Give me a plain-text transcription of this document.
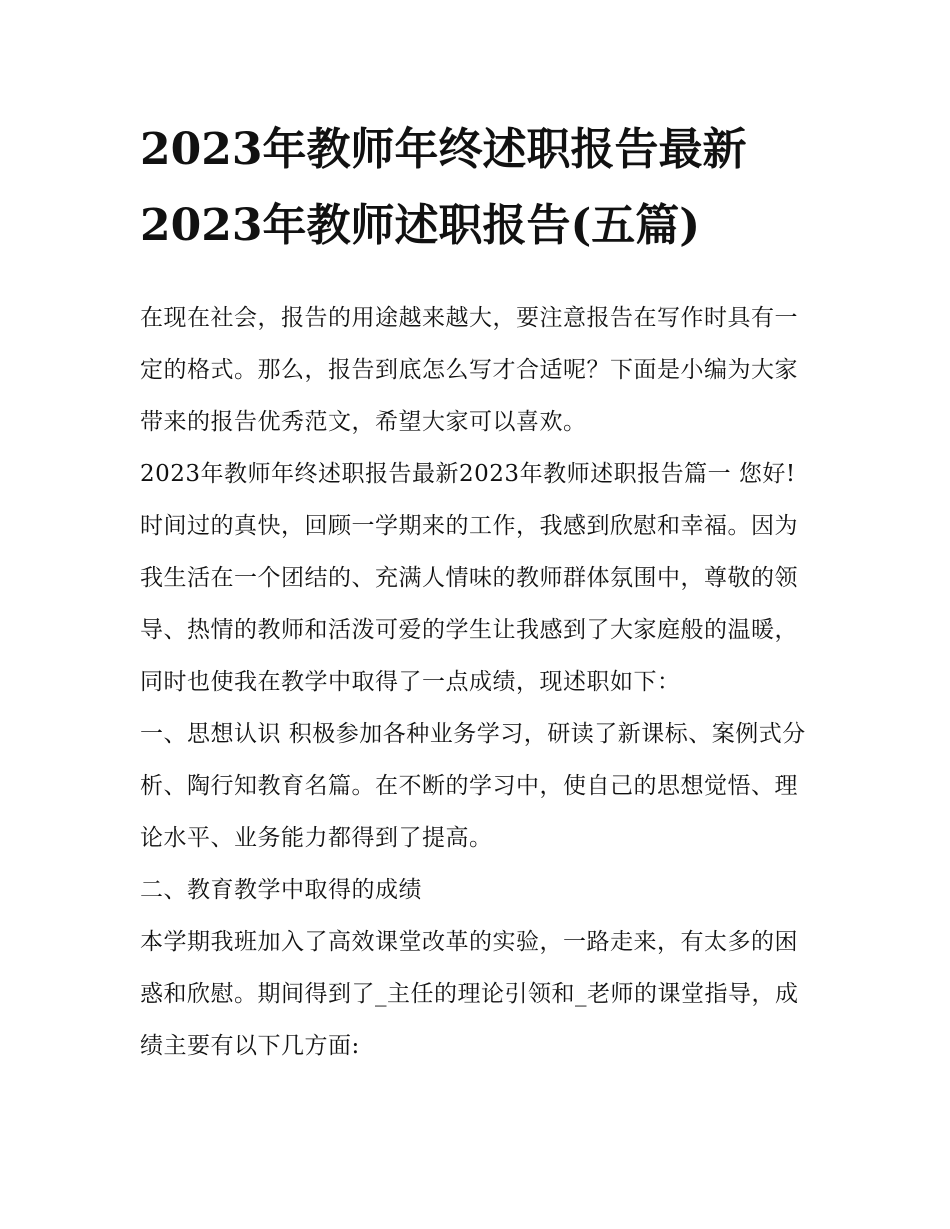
2023年教师年终述职报告最新
2023年教师述职报告(五篇)

在现在社会，报告的用途越来越大，要注意报告在写作时具有一定的格式。那么，报告到底怎么写才合适呢？下面是小编为大家带来的报告优秀范文，希望大家可以喜欢。

2023年教师年终述职报告最新2023年教师述职报告篇一 您好!

时间过的真快，回顾一学期来的工作，我感到欣慰和幸福。因为我生活在一个团结的、充满人情味的教师群体氛围中，尊敬的领导、热情的教师和活泼可爱的学生让我感到了大家庭般的温暖，同时也使我在教学中取得了一点成绩，现述职如下：

一、思想认识 积极参加各种业务学习，研读了新课标、案例式分析、陶行知教育名篇。在不断的学习中，使自己的思想觉悟、理论水平、业务能力都得到了提高。

二、教育教学中取得的成绩

本学期我班加入了高效课堂改革的实验，一路走来，有太多的困惑和欣慰。期间得到了_主任的理论引领和_老师的课堂指导，成绩主要有以下几方面:
